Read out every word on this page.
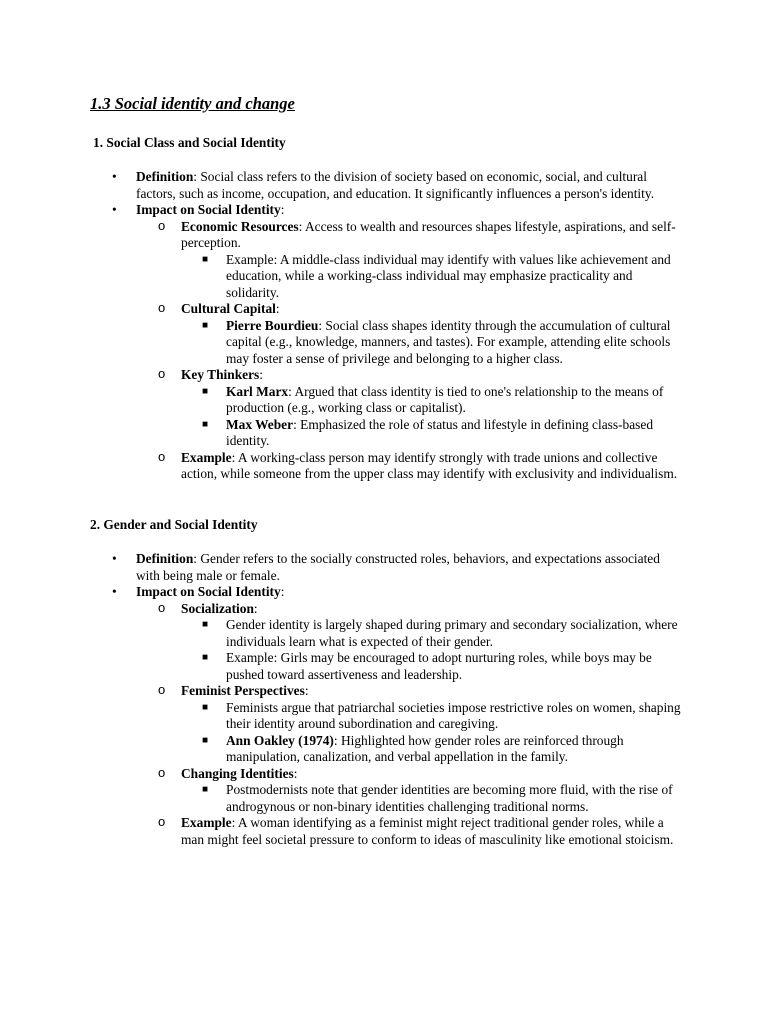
1.3 Social identity and change
1. Social Class and Social Identity
• Definition: Social class refers to the division of society based on economic, social, and cultural factors, such as income, occupation, and education. It significantly influences a person's identity.
• Impact on Social Identity:
o Economic Resources: Access to wealth and resources shapes lifestyle, aspirations, and self-perception.
■ Example: A middle-class individual may identify with values like achievement and education, while a working-class individual may emphasize practicality and solidarity.
o Cultural Capital:
■ Pierre Bourdieu: Social class shapes identity through the accumulation of cultural capital (e.g., knowledge, manners, and tastes). For example, attending elite schools may foster a sense of privilege and belonging to a higher class.
o Key Thinkers:
■ Karl Marx: Argued that class identity is tied to one's relationship to the means of production (e.g., working class or capitalist).
■ Max Weber: Emphasized the role of status and lifestyle in defining class-based identity.
o Example: A working-class person may identify strongly with trade unions and collective action, while someone from the upper class may identify with exclusivity and individualism.
2. Gender and Social Identity
• Definition: Gender refers to the socially constructed roles, behaviors, and expectations associated with being male or female.
• Impact on Social Identity:
o Socialization:
■ Gender identity is largely shaped during primary and secondary socialization, where individuals learn what is expected of their gender.
■ Example: Girls may be encouraged to adopt nurturing roles, while boys may be pushed toward assertiveness and leadership.
o Feminist Perspectives:
■ Feminists argue that patriarchal societies impose restrictive roles on women, shaping their identity around subordination and caregiving.
■ Ann Oakley (1974): Highlighted how gender roles are reinforced through manipulation, canalization, and verbal appellation in the family.
o Changing Identities:
■ Postmodernists note that gender identities are becoming more fluid, with the rise of androgynous or non-binary identities challenging traditional norms.
o Example: A woman identifying as a feminist might reject traditional gender roles, while a man might feel societal pressure to conform to ideas of masculinity like emotional stoicism.
